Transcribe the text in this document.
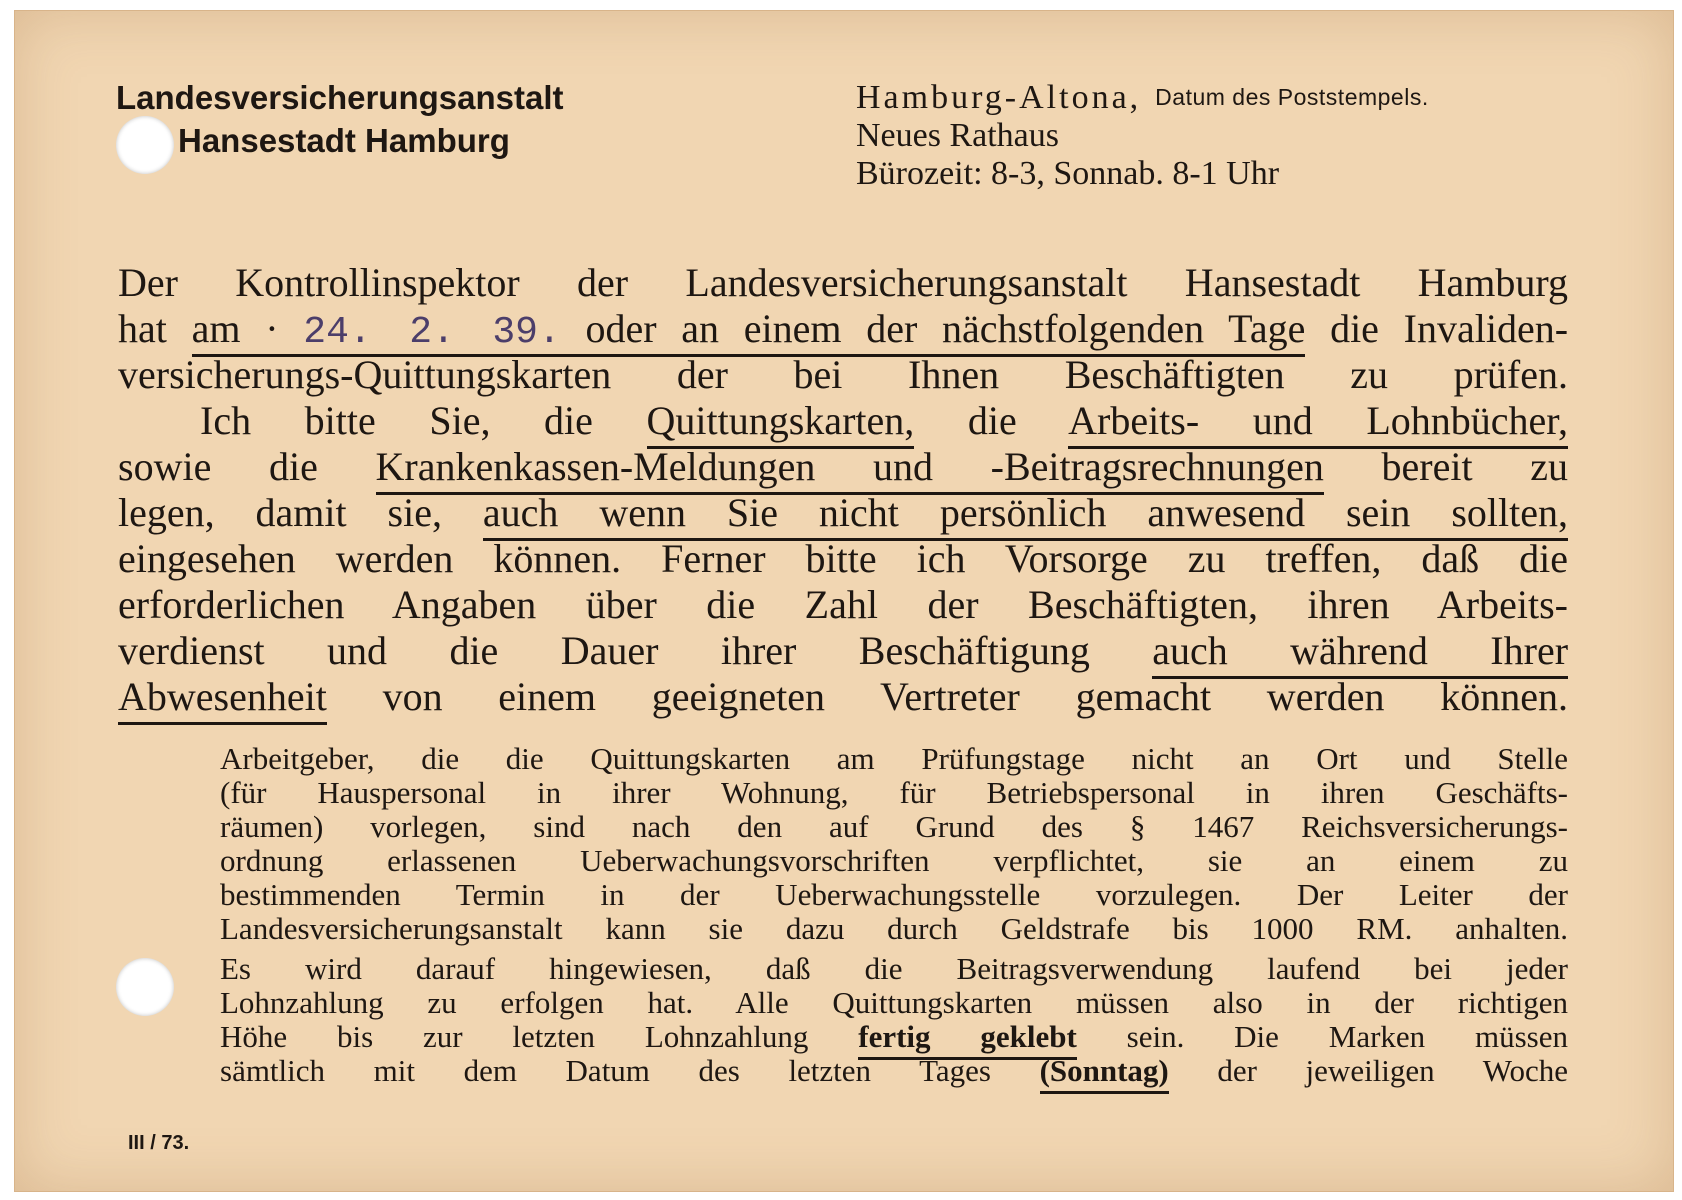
Landesversicherungsanstalt
Hansestadt Hamburg
Hamburg-Altona, Datum des Poststempels.
Neues Rathaus
Bürozeit: 8-3, Sonnab. 8-1 Uhr
Der Kontrollinspektor der Landesversicherungsanstalt Hansestadt Hamburg
hat am · 24. 2. 39. oder an einem der nächstfolgenden Tage die Invaliden-
versicherungs-Quittungskarten der bei Ihnen Beschäftigten zu prüfen.
Ich bitte Sie, die Quittungskarten, die Arbeits- und Lohnbücher,
sowie die Krankenkassen-Meldungen und -Beitragsrechnungen bereit zu
legen, damit sie, auch wenn Sie nicht persönlich anwesend sein sollten,
eingesehen werden können. Ferner bitte ich Vorsorge zu treffen, daß die
erforderlichen Angaben über die Zahl der Beschäftigten, ihren Arbeits-
verdienst und die Dauer ihrer Beschäftigung auch während Ihrer
Abwesenheit von einem geeigneten Vertreter gemacht werden können.
Arbeitgeber, die die Quittungskarten am Prüfungstage nicht an Ort und Stelle
(für Hauspersonal in ihrer Wohnung, für Betriebspersonal in ihren Geschäfts-
räumen) vorlegen, sind nach den auf Grund des § 1467 Reichsversicherungs-
ordnung erlassenen Ueberwachungsvorschriften verpflichtet, sie an einem zu
bestimmenden Termin in der Ueberwachungsstelle vorzulegen. Der Leiter der
Landesversicherungsanstalt kann sie dazu durch Geldstrafe bis 1000 RM. anhalten.
Es wird darauf hingewiesen, daß die Beitragsverwendung laufend bei jeder
Lohnzahlung zu erfolgen hat. Alle Quittungskarten müssen also in der richtigen
Höhe bis zur letzten Lohnzahlung fertig geklebt sein. Die Marken müssen
sämtlich mit dem Datum des letzten Tages (Sonntag) der jeweiligen Woche
III / 73.
